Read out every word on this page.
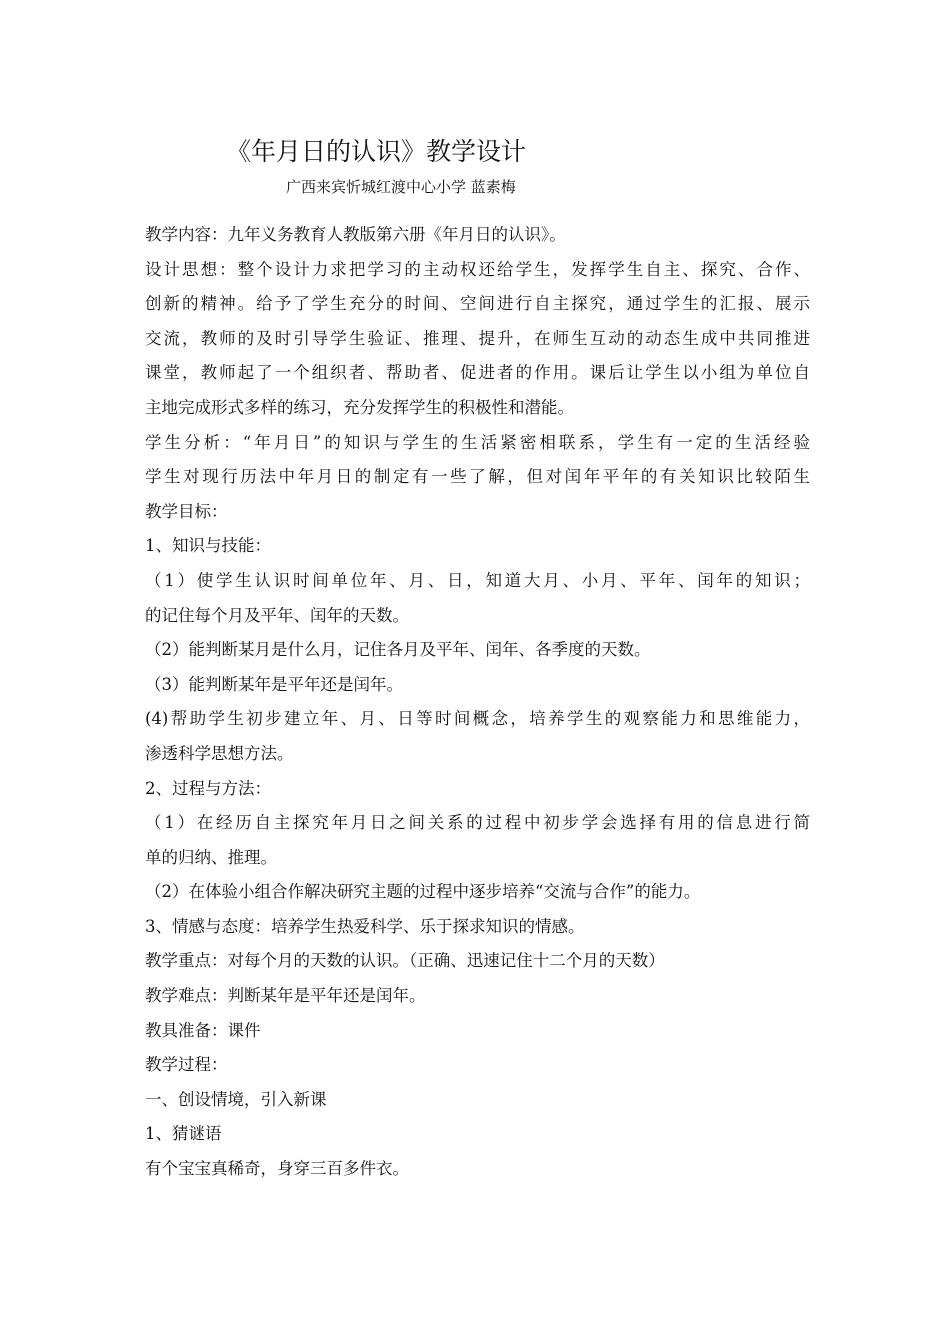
《年月日的认识》教学设计
广西来宾忻城红渡中心小学 蓝素梅
教学内容：九年义务教育人教版第六册《年月日的认识》。
设计思想：整个设计力求把学习的主动权还给学生，发挥学生自主、探究、合作、
创新的精神。给予了学生充分的时间、空间进行自主探究，通过学生的汇报、展示
交流，教师的及时引导学生验证、推理、提升，在师生互动的动态生成中共同推进
课堂，教师起了一个组织者、帮助者、促进者的作用。课后让学生以小组为单位自
主地完成形式多样的练习，充分发挥学生的积极性和潜能。
学生分析：“年月日”的知识与学生的生活紧密相联系，学生有一定的生活经验
学生对现行历法中年月日的制定有一些了解，但对闰年平年的有关知识比较陌生
教学目标：
1、知识与技能：
（1）使学生认识时间单位年、月、日，知道大月、小月、平年、闰年的知识；
的记住每个月及平年、闰年的天数。
（2）能判断某月是什么月，记住各月及平年、闰年、各季度的天数。
（3）能判断某年是平年还是闰年。
(4)帮助学生初步建立年、月、日等时间概念，培养学生的观察能力和思维能力，
渗透科学思想方法。
2、过程与方法：
（1）在经历自主探究年月日之间关系的过程中初步学会选择有用的信息进行简
单的归纳、推理。
（2）在体验小组合作解决研究主题的过程中逐步培养“交流与合作”的能力。
3、情感与态度：培养学生热爱科学、乐于探求知识的情感。
教学重点：对每个月的天数的认识。（正确、迅速记住十二个月的天数）
教学难点：判断某年是平年还是闰年。
教具准备：课件
教学过程：
一、创设情境，引入新课
1、猜谜语
有个宝宝真稀奇，身穿三百多件衣。
